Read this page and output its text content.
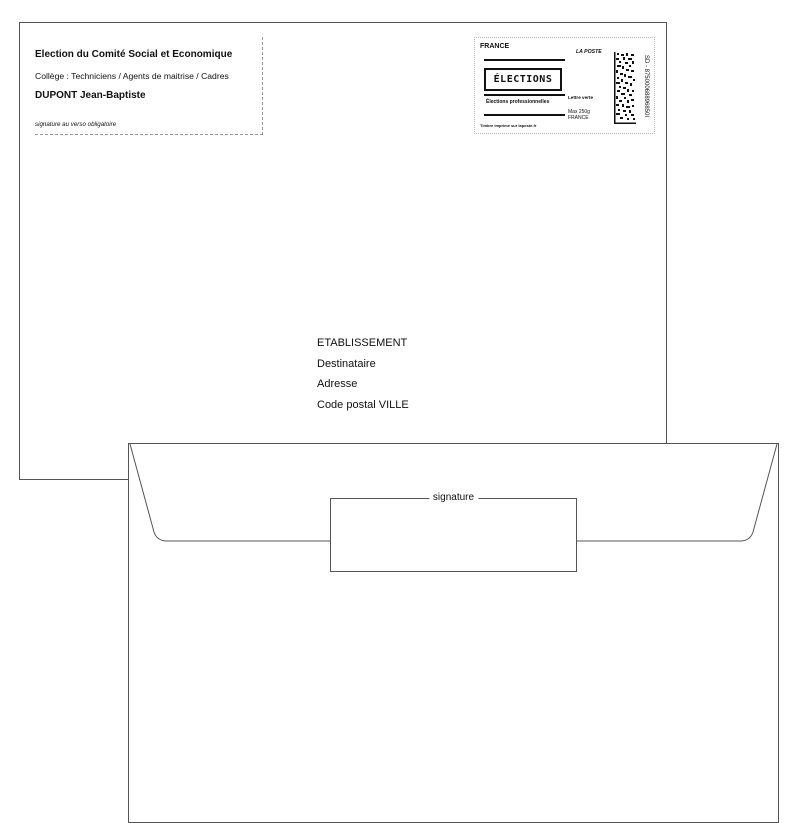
Election du Comité Social et Economique
Collège : Techniciens / Agents de maitrise / Cadres
DUPONT Jean-Baptiste
signature au verso obligatoire
FRANCE
LA POSTE
ÉLECTIONS
Élections professionnelles
Lettre verte
Max 250g
FRANCE
Timbre imprimé sur laposte.fr
SD - 87500068896850I
ETABLISSEMENT
Destinataire
Adresse
Code postal VILLE
signature
